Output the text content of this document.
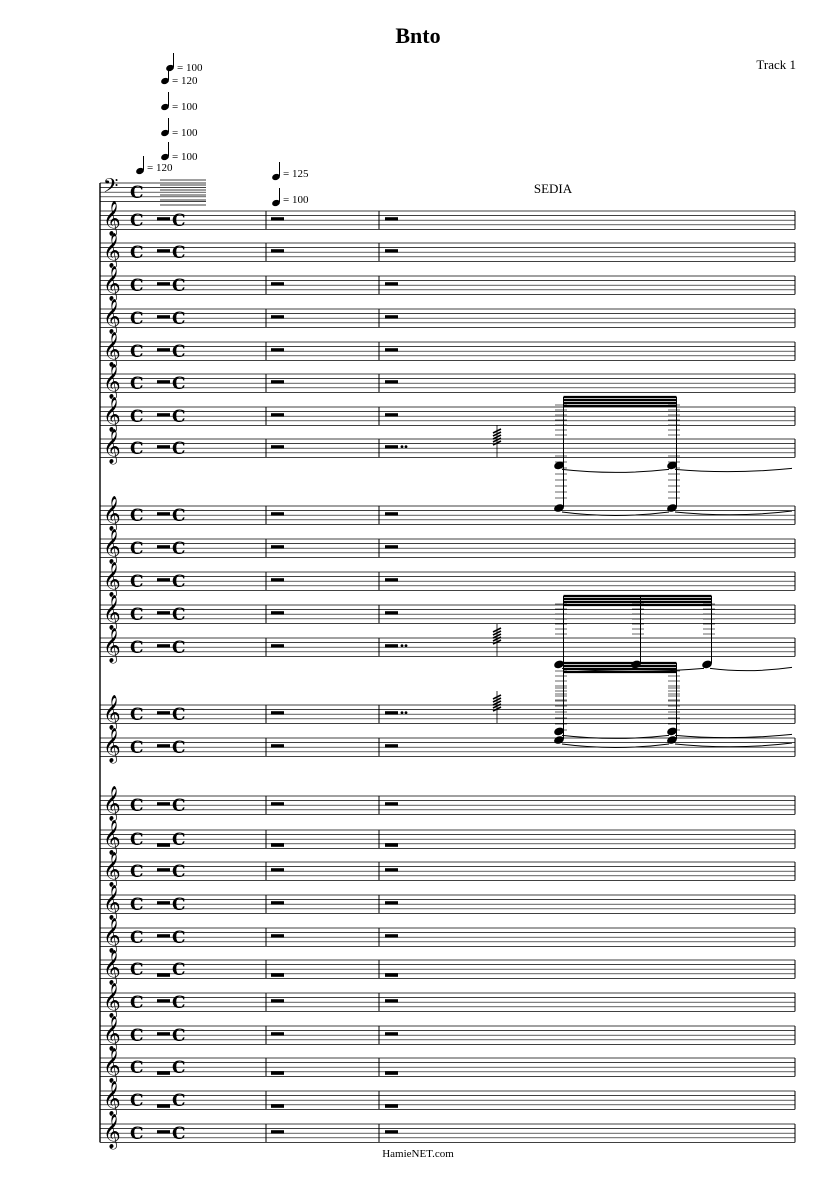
Bnto
Track 1
SEDIA
= 100
= 120
= 100
= 100
= 100
= 120	= 125
= 100
𝄢 C
𝄞 C C
𝄞 C C
𝄞 C C
𝄞 C C
𝄞 C C
𝄞 C C
𝄞 C C
𝄞 C C
𝄞 C C
𝄞 C C
𝄞 C C
𝄞 C C
𝄞 C C
𝄞 C C
𝄞 C C
𝄞 C C
𝄞 C C
𝄞 C C
𝄞 C C
𝄞 C C
𝄞 C C
𝄞 C C
𝄞 C C
𝄞 C C
𝄞 C C
𝄞 C C
HamieNET.com
